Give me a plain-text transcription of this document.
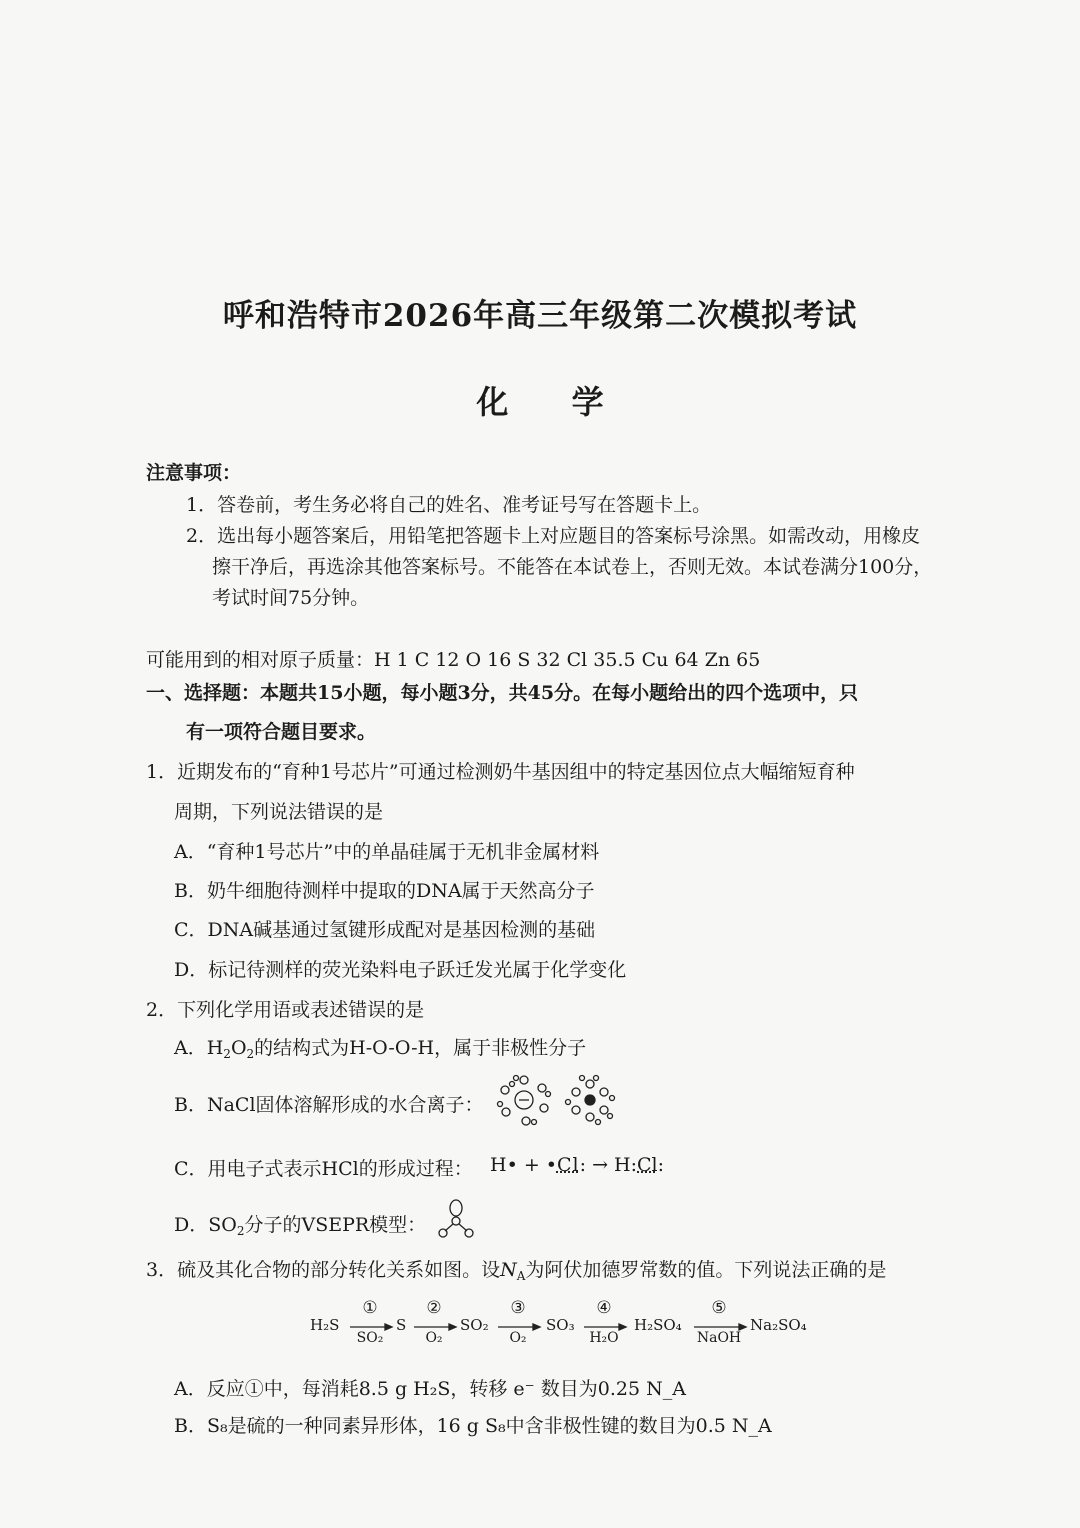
呼和浩特市2026年高三年级第二次模拟考试
化 学
注意事项：
1．答卷前，考生务必将自己的姓名、准考证号写在答题卡上。
2．选出每小题答案后，用铅笔把答题卡上对应题目的答案标号涂黑。如需改动，用橡皮
擦干净后，再选涂其他答案标号。不能答在本试卷上，否则无效。本试卷满分100分，
考试时间75分钟。
可能用到的相对原子质量：H 1 C 12 O 16 S 32 Cl 35.5 Cu 64 Zn 65
一、选择题：本题共15小题，每小题3分，共45分。在每小题给出的四个选项中，只
有一项符合题目要求。
1．近期发布的“育种1号芯片”可通过检测奶牛基因组中的特定基因位点大幅缩短育种
周期，下列说法错误的是
A．“育种1号芯片”中的单晶硅属于无机非金属材料
B．奶牛细胞待测样中提取的DNA属于天然高分子
C．DNA碱基通过氢键形成配对是基因检测的基础
D．标记待测样的荧光染料电子跃迁发光属于化学变化
2．下列化学用语或表述错误的是
A．$H_2O_2$的结构式为H-O-O-H，属于非极性分子
B．NaCl固体溶解形成的水合离子：
C．用电子式表示HCl的形成过程： H• + •Cl: → H:Cl:
D．$SO_2$分子的VSEPR模型：
3．硫及其化合物的部分转化关系如图。设$N_A$为阿伏加德罗常数的值。下列说法正确的是
H₂S
①
SO₂
S
②
O₂
SO₂
③
O₂
SO₃
④
H₂O
H₂SO₄
⑤
NaOH
Na₂SO₄
A．反应①中，每消耗8.5 g H₂S，转移 e⁻ 数目为0.25 N_A
B．S₈是硫的一种同素异形体，16 g S₈中含非极性键的数目为0.5 N_A
